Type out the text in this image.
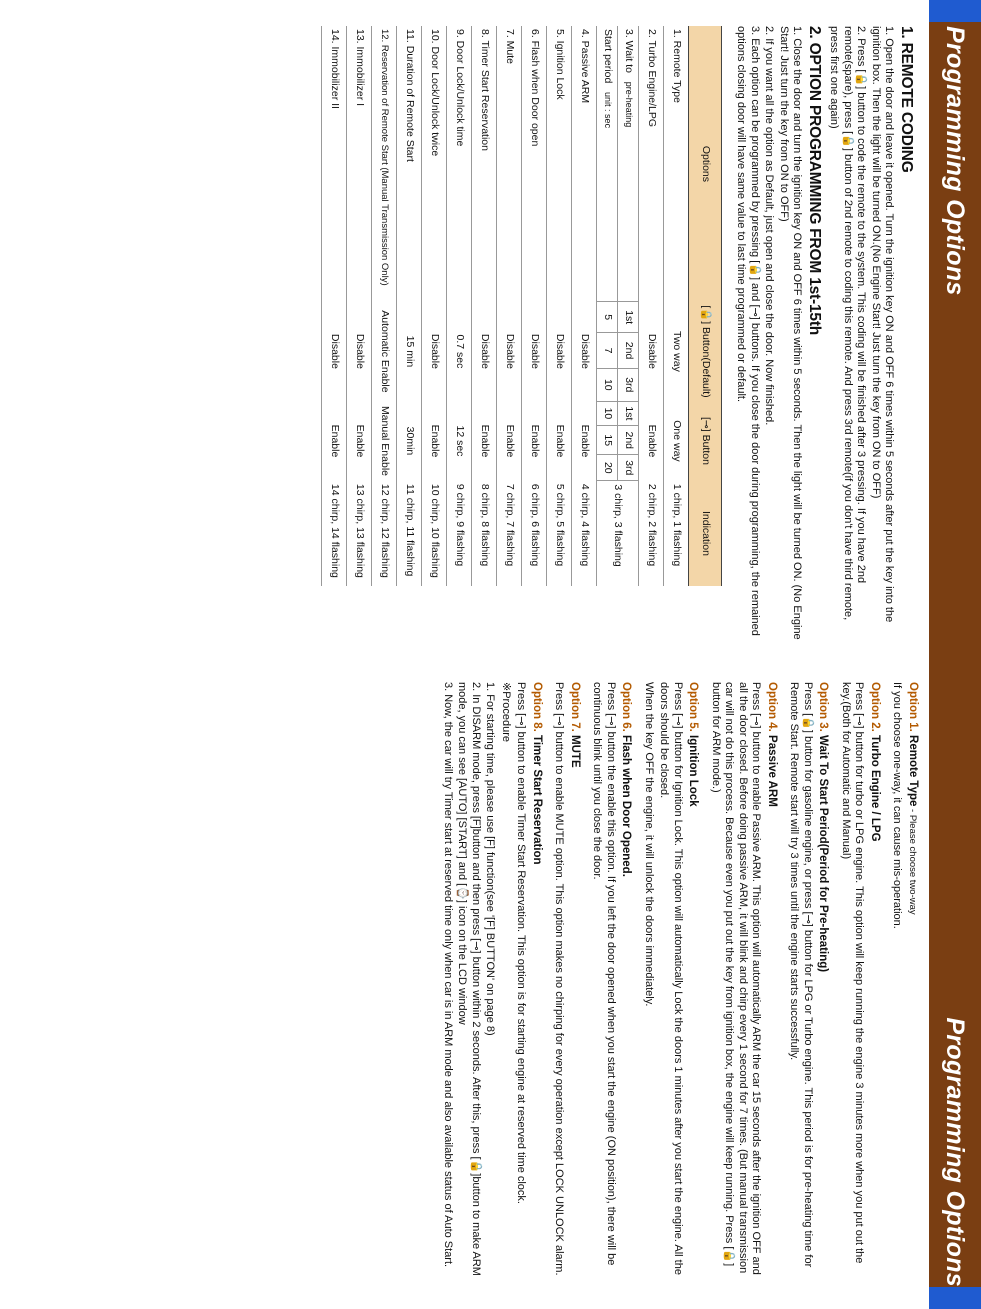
Programming Options
Programming Options
1. REMOTE CODING
1. Open the door and leave it opened. Turn the ignition key ON and OFF 6 times within 5 seconds after put the key into the ignition box. Then the light will be turned ON.(No Engine Start! Just turn the key from ON to OFF)
2. Press [🔒] button to code the remote to the system. This coding will be finished after 3 pressing. If you have 2nd remote(spare), press [🔒] button of 2nd remote to coding this remote. And press 3rd remote(if you don't have third remote, press first one again)
2. OPTION PROGRAMMING FROM 1st-15th
1. Close the door and turn the ignition key ON and OFF 6 times within 5 seconds. Then the light will be turned ON. (No Engine Start! Just turn the key from ON to OFF)
2. If you want all the option as Default, just open and close the door. Now finished.
3. Each option can be programmed by pressing [🔒] and [⊸] buttons. If you close the door during programming, the remained options closing door will have same value to last time programmed or default.
Options	[🔒] Button(Default)			[⊸] Button			Indication
1. Remote Type	Two way			One way			1 chirp, 1 flashing
2. Turbo Engine/LPG	Disable			Enable			2 chirp, 2 flashing
3. Wait to   pre-heating	1st	2nd	3rd	1st	2nd	3rd	3 chirp, 3 flashing
Start period   unit : sec	5	7	10	10	15	20	
4. Passive ARM	Disable			Enable			4 chirp, 4 flashing
5. Ignition Lock	Disable			Enable			5 chirp, 5 flashing
6. Flash when Door open	Disable			Enable			6 chirp, 6 flashing
7. Mute	Disable			Enable			7 chirp, 7 flashing
8. Timer Start Reservation	Disable			Enable			8 chirp, 8 flashing
9. Door Lock/Unlock time	0.7 sec			12 sec			9 chirp, 9 flashing
10. Door Lock/Unlock twice	Disable			Enable			10 chirp, 10 flashing
11. Duration of Remote Start	15 min			30min			11 chirp, 11 flashing
12. Reservation of Remote Start (Manual Transmission Only)	Automatic Enable			Manual Enable			12 chirp, 12 flashing
13. Immobilizer I	Disable			Enable			13 chirp, 13 flashing
14. Immobilizer II	Disable			Enable			14 chirp, 14 flashing
Option 1. Remote Type - Please choose two-way

If you choose one-way, it can cause mis-operation.

Option 2. Turbo Engine / LPG

Press [⊸] button for turbo or LPG engine. This option will keep running the engine 3 minutes more when you put out the key.(Both for Automatic and Manual)

Option 3. Wait To Start Period(Period for Pre-heating)

Press [🔒] button for gasoline engine, or press [⊸] button for LPG or Turbo engine. This period is for pre-heating time for Remote Start. Remote start will try 3 times until the engine starts successfully.

Option 4. Passive ARM

Press [⊸] button to enable Passive ARM. This option will automatically ARM the car 15 seconds after the ignition OFF and all the door closed. Before doing passive ARM, it will blink and chirp every 1 second for 7 times. (But manual transmission car will not do this process. Because even you put out the key from ignition box, the engine will keep running. Press [🔒] button for ARM mode.)

Option 5. Ignition Lock

Press [⊸] button for Ignition Lock. This option will automatically Lock the doors 1 minutes after you start the engine. All the doors should be closed.

When the key OFF the engine, it will unlock the doors immediately.

Option 6. Flash when Door Opened.

Press [⊸] button the enable this option. If you left the door opened when you start the engine (ON position), there will be continuous blink until you close the door.

Option 7. MUTE

Press [⊸] button to enable MUTE option. This option makes no chirping for every operation except LOCK UNLOCK alarm.

Option 8. Timer Start Reservation

Press [⊸] button to enable Timer Start Reservation. This option is for starting engine at reserved time clock.

※Procedure

1. For starting time, please use [F] function(see '[F] BUTTON' on page 8)
2. In DISARM mode, press [F]button and then press [⊸] button within 2 seconds. After this, press [🔒]button to make ARM mode, you can see [AUTO] [START] and [⌚] icon on the LCD window
3. Now, the car will try Timer start at reserved time only when car is in ARM mode and also available status of Auto Start.
